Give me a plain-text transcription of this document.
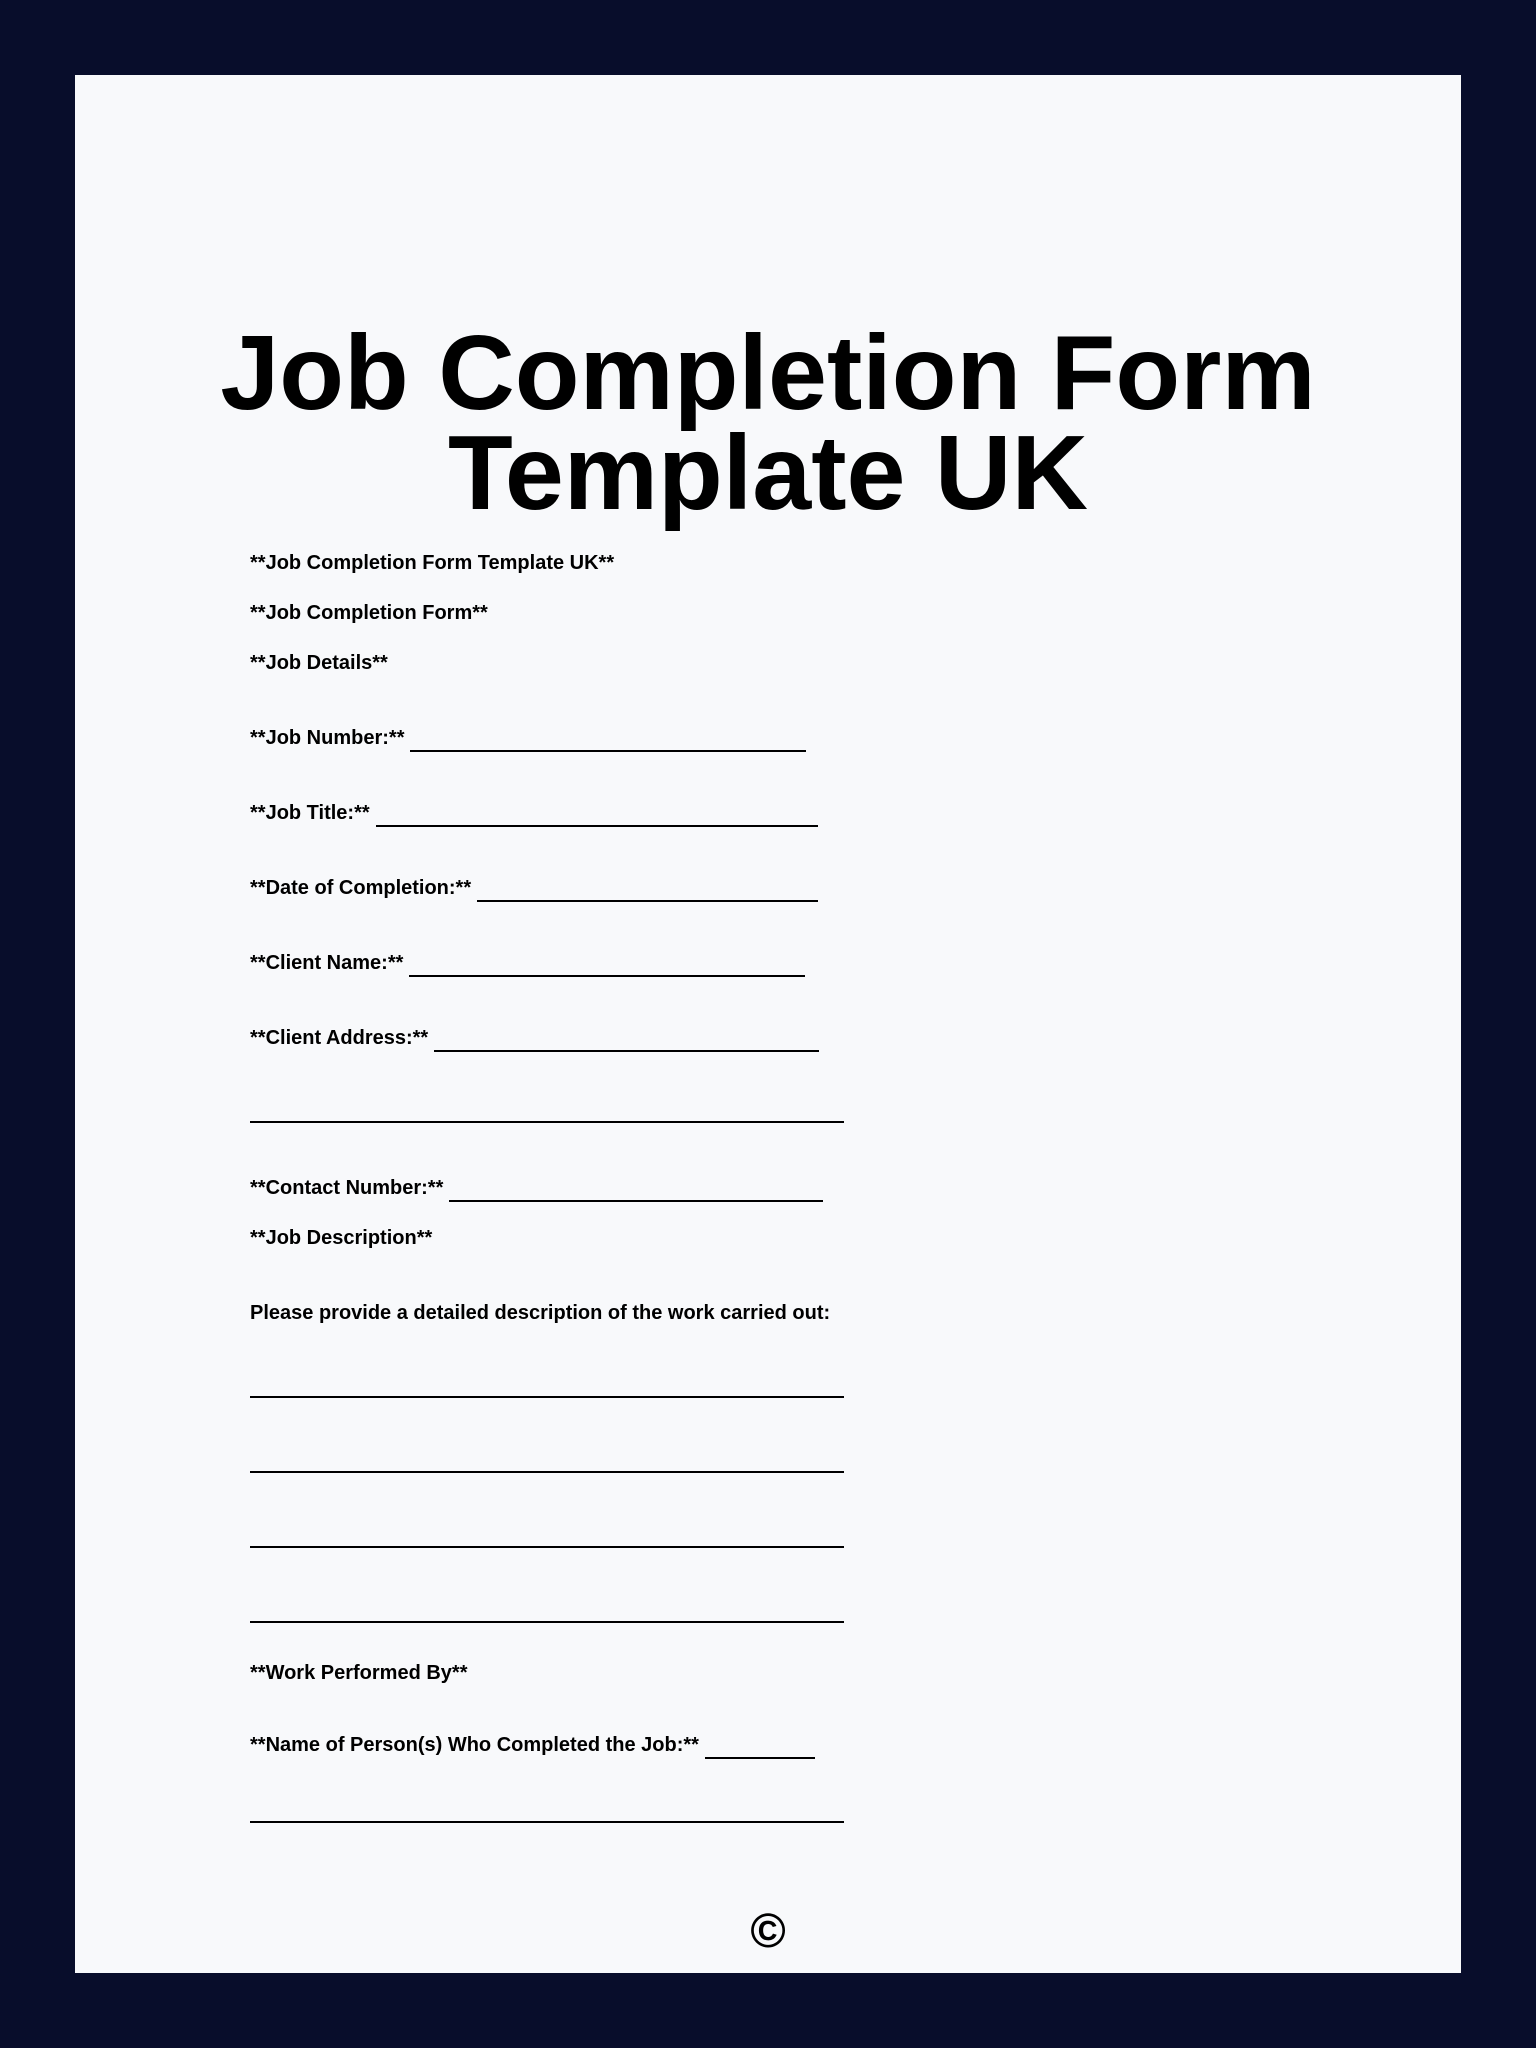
Job Completion Form
Template UK
**Job Completion Form Template UK**
**Job Completion Form**
**Job Details**
**Job Number:**
**Job Title:**
**Date of Completion:**
**Client Name:**
**Client Address:**
**Contact Number:**
**Job Description**
Please provide a detailed description of the work carried out:
**Work Performed By**
**Name of Person(s) Who Completed the Job:**
©
